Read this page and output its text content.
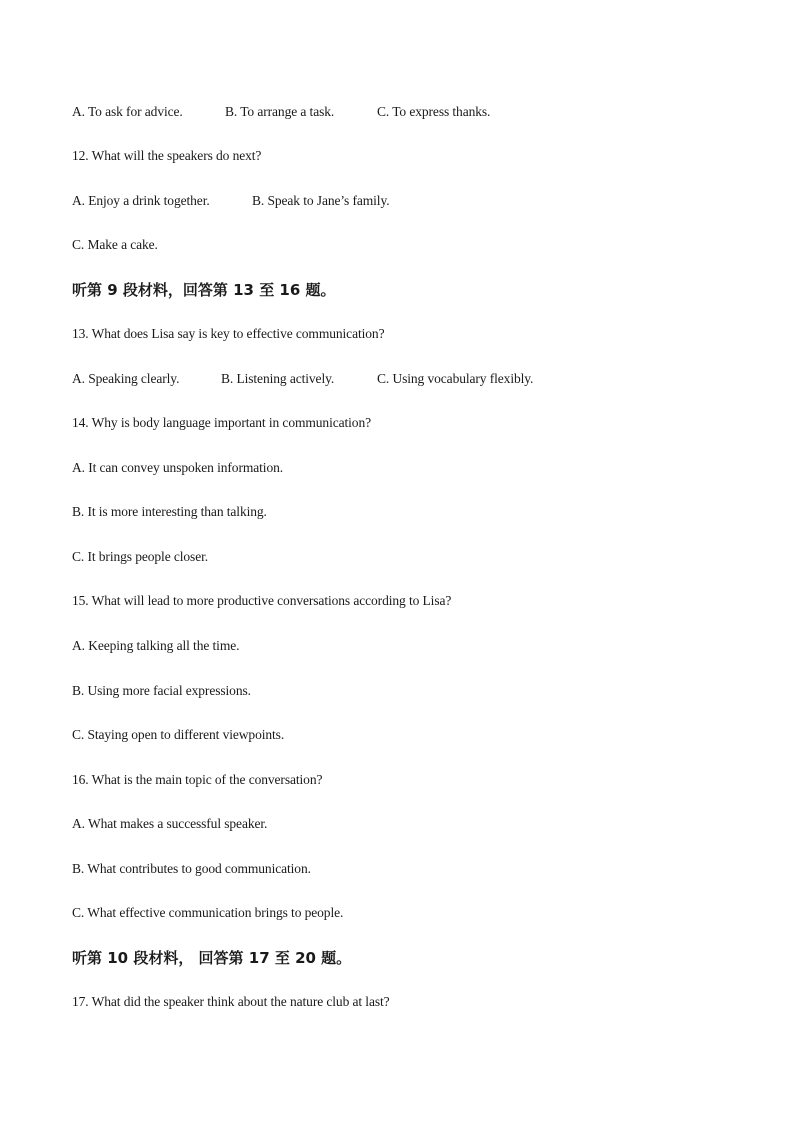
A. To ask for advice.	B. To arrange a task.	C. To express thanks.
12. What will the speakers do next?
A. Enjoy a drink together.	B. Speak to Jane’s family.
C. Make a cake.
听第 9 段材料，回答第 13 至 16 题。
13. What does Lisa say is key to effective communication?
A. Speaking clearly.	B. Listening actively.	C. Using vocabulary flexibly.
14. Why is body language important in communication?
A. It can convey unspoken information.
B. It is more interesting than talking.
C. It brings people closer.
15. What will lead to more productive conversations according to Lisa?
A. Keeping talking all the time.
B. Using more facial expressions.
C. Staying open to different viewpoints.
16. What is the main topic of the conversation?
A. What makes a successful speaker.
B. What contributes to good communication.
C. What effective communication brings to people.
听第 10 段材料， 回答第 17 至 20 题。
17. What did the speaker think about the nature club at last?
